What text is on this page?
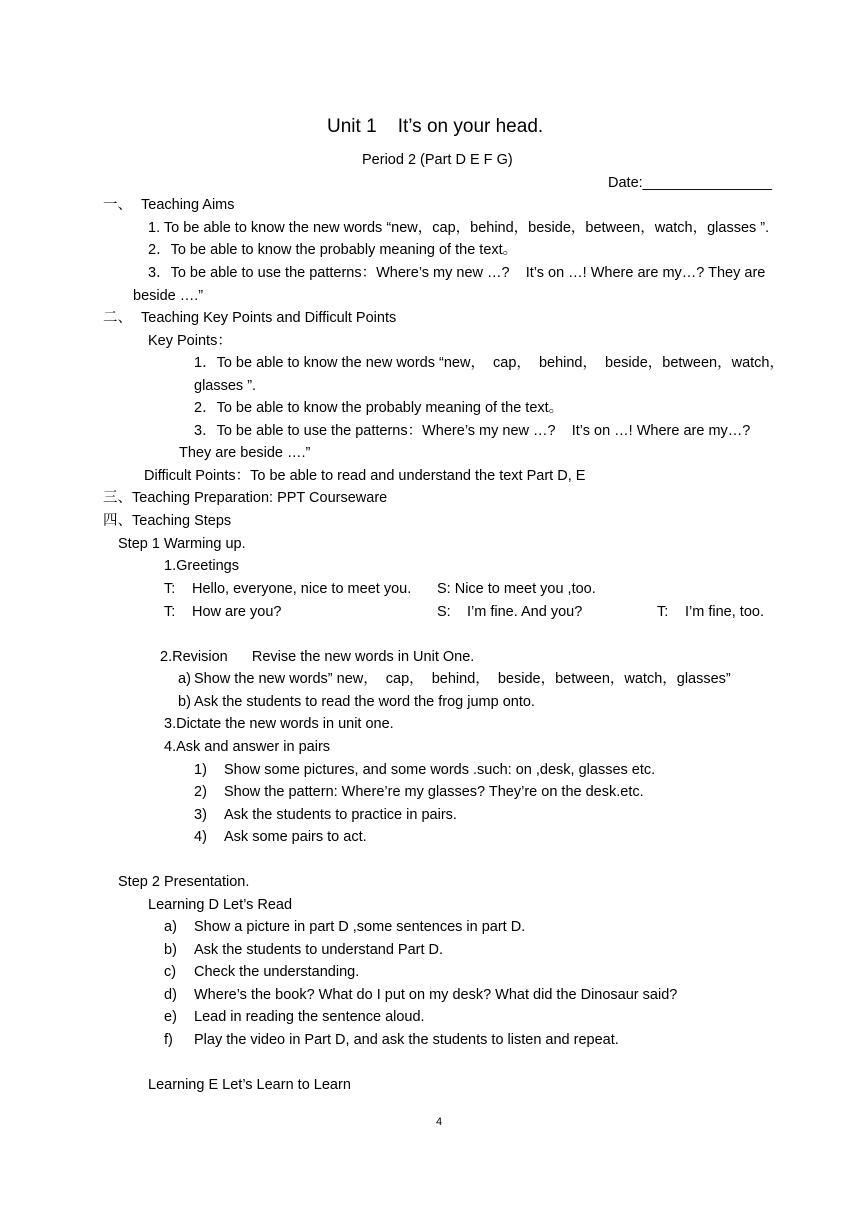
Unit 1    It’s on your head.
Period 2 (Part D E F G)
Date:________________
一、 Teaching Aims
1. To be able to know the new words “new，cap，behind，beside，between，watch，glasses ”.
2．To be able to know the probably meaning of the text。
3．To be able to use the patterns：Where’s my new …?    It’s on …! Where are my…? They are
beside ….”
二、 Teaching Key Points and Difficult Points
Key Points：
1．To be able to know the new words “new，  cap，  behind，  beside，between，watch，
glasses ”.
2．To be able to know the probably meaning of the text。
3．To be able to use the patterns：Where’s my new …?    It’s on …! Where are my…?
They are beside ….”
Difficult Points：To be able to read and understand the text Part D, E
三、Teaching Preparation: PPT Courseware
四、Teaching Steps
Step 1 Warming up.
1.Greetings
T: Hello, everyone, nice to meet you. S: Nice to meet you ,too.
T: How are you?	S: I’m fine. And you?	T: I’m fine, too.
2.Revision      Revise the new words in Unit One.
a) Show the new words” new，  cap，  behind，  beside，between，watch，glasses”
b) Ask the students to read the word the frog jump onto.
3.Dictate the new words in unit one.
4.Ask and answer in pairs
1) Show some pictures, and some words .such: on ,desk, glasses etc.
2) Show the pattern: Where’re my glasses? They’re on the desk.etc.
3) Ask the students to practice in pairs.
4) Ask some pairs to act.
Step 2 Presentation.
Learning D Let’s Read
a) Show a picture in part D ,some sentences in part D.
b) Ask the students to understand Part D.
c) Check the understanding.
d) Where’s the book? What do I put on my desk? What did the Dinosaur said?
e) Lead in reading the sentence aloud.
f) Play the video in Part D, and ask the students to listen and repeat.
Learning E Let’s Learn to Learn
4
